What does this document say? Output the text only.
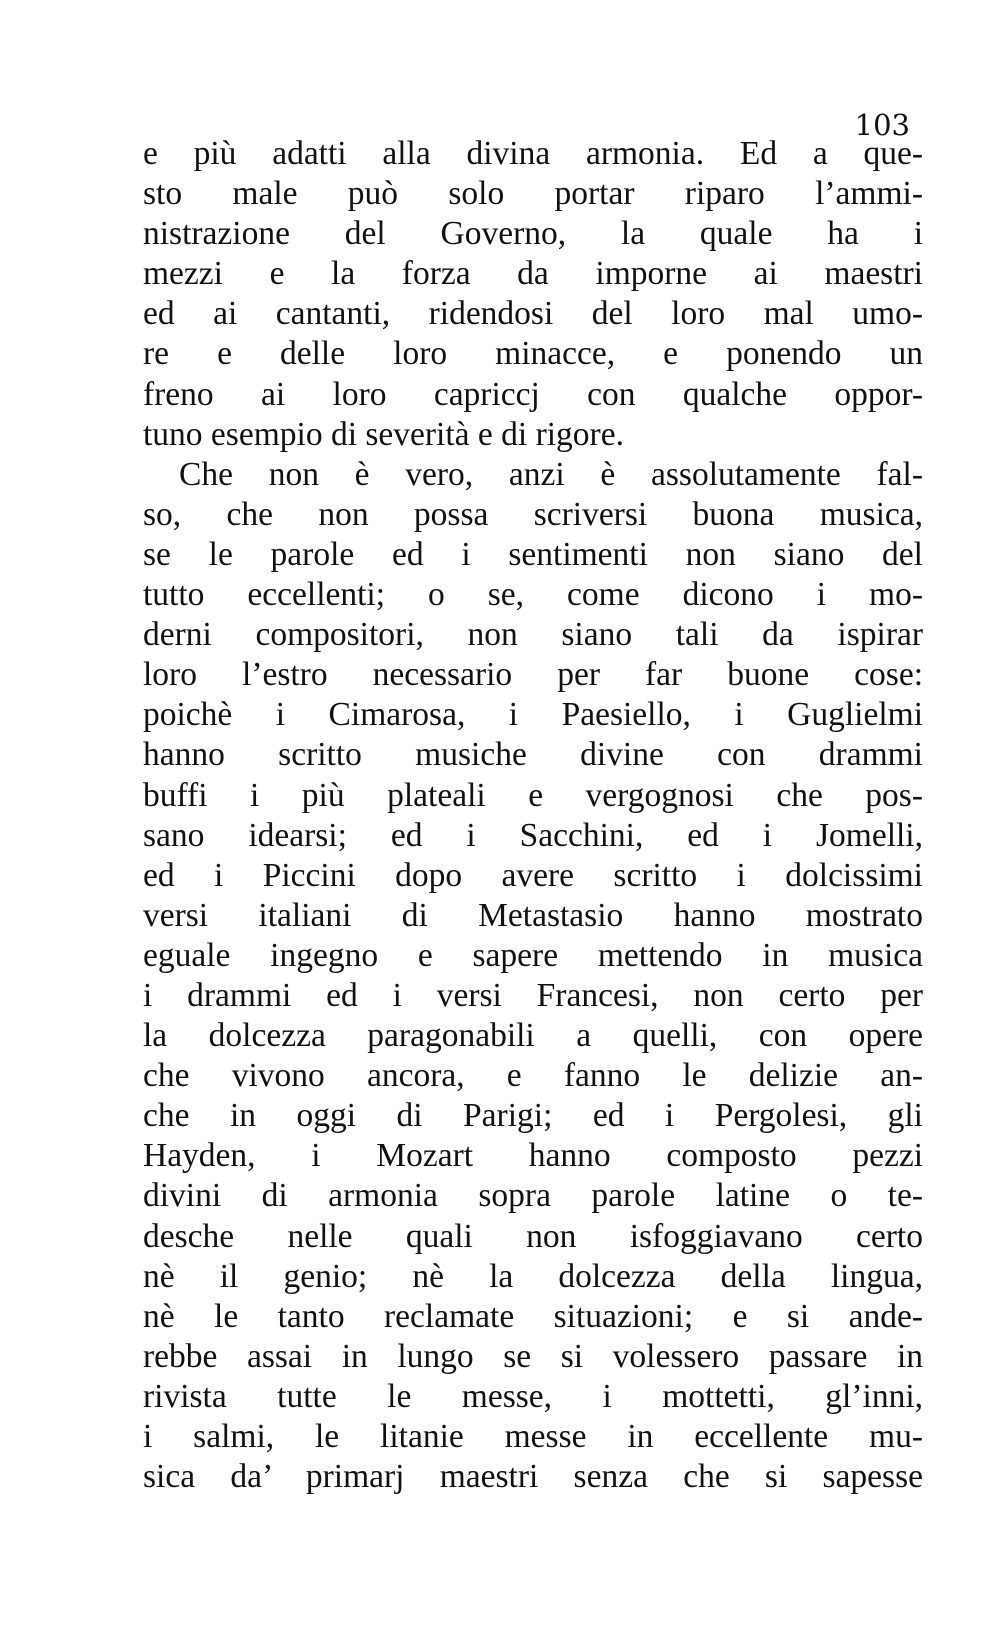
103
e più adatti alla divina armonia. Ed a que-
sto male può solo portar riparo l’ammi-
nistrazione del Governo, la quale ha i
mezzi e la forza da imporne ai maestri
ed ai cantanti, ridendosi del loro mal umo-
re e delle loro minacce, e ponendo un
freno ai loro capriccj con qualche oppor-
tuno esempio di severità e di rigore.
Che non è vero, anzi è assolutamente fal-
so, che non possa scriversi buona musica,
se le parole ed i sentimenti non siano del
tutto eccellenti; o se, come dicono i mo-
derni compositori, non siano tali da ispirar
loro l’estro necessario per far buone cose:
poichè i Cimarosa, i Paesiello, i Guglielmi
hanno scritto musiche divine con drammi
buffi i più plateali e vergognosi che pos-
sano idearsi; ed i Sacchini, ed i Jomelli,
ed i Piccini dopo avere scritto i dolcissimi
versi italiani di Metastasio hanno mostrato
eguale ingegno e sapere mettendo in musica
i drammi ed i versi Francesi, non certo per
la dolcezza paragonabili a quelli, con opere
che vivono ancora, e fanno le delizie an-
che in oggi di Parigi; ed i Pergolesi, gli
Hayden, i Mozart hanno composto pezzi
divini di armonia sopra parole latine o te-
desche nelle quali non isfoggiavano certo
nè il genio; nè la dolcezza della lingua,
nè le tanto reclamate situazioni; e si ande-
rebbe assai in lungo se si volessero passare in
rivista tutte le messe, i mottetti, gl’inni,
i salmi, le litanie messe in eccellente mu-
sica da’ primarj maestri senza che si sapesse
